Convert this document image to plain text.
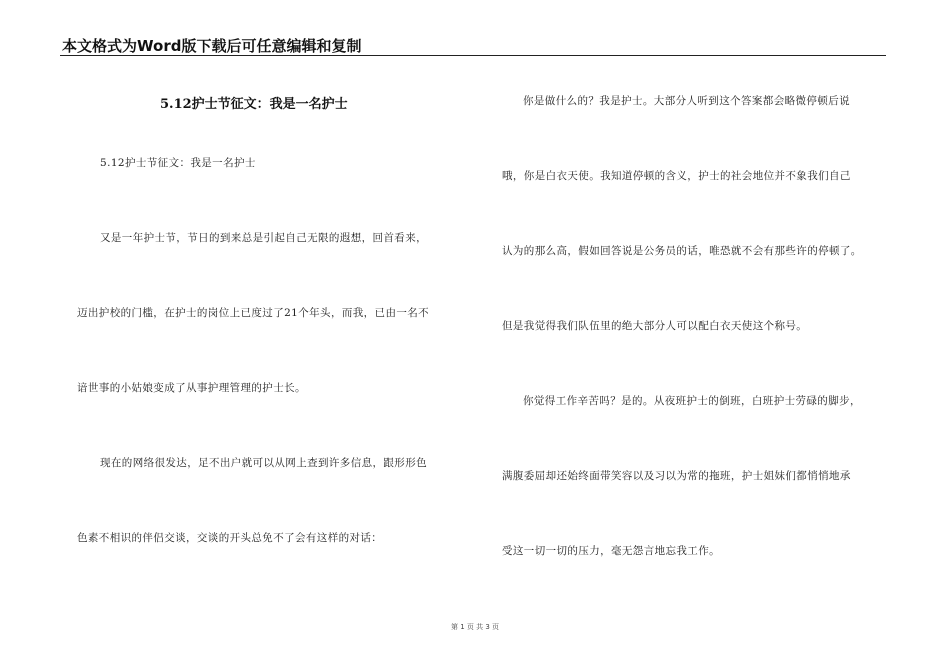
本文格式为Word版下载后可任意编辑和复制
5.12护士节征文：我是一名护士
5.12护士节征文：我是一名护士
又是一年护士节，节日的到来总是引起自己无限的遐想，回首看来，
迈出护校的门槛，在护士的岗位上已度过了21个年头，而我，已由一名不
谙世事的小姑娘变成了从事护理管理的护士长。
现在的网络很发达，足不出户就可以从网上查到许多信息，跟形形色
色素不相识的伴侣交谈，交谈的开头总免不了会有这样的对话：
你是做什么的？我是护士。大部分人听到这个答案都会略微停顿后说
哦，你是白衣天使。我知道停顿的含义，护士的社会地位并不象我们自己
认为的那么高，假如回答说是公务员的话，唯恐就不会有那些许的停顿了。
但是我觉得我们队伍里的绝大部分人可以配白衣天使这个称号。
你觉得工作辛苦吗？是的。从夜班护士的倒班，白班护士劳碌的脚步，
满腹委屈却还始终面带笑容以及习以为常的拖班，护士姐妹们都悄悄地承
受这一切一切的压力，毫无怨言地忘我工作。
第 1 页 共 3 页
